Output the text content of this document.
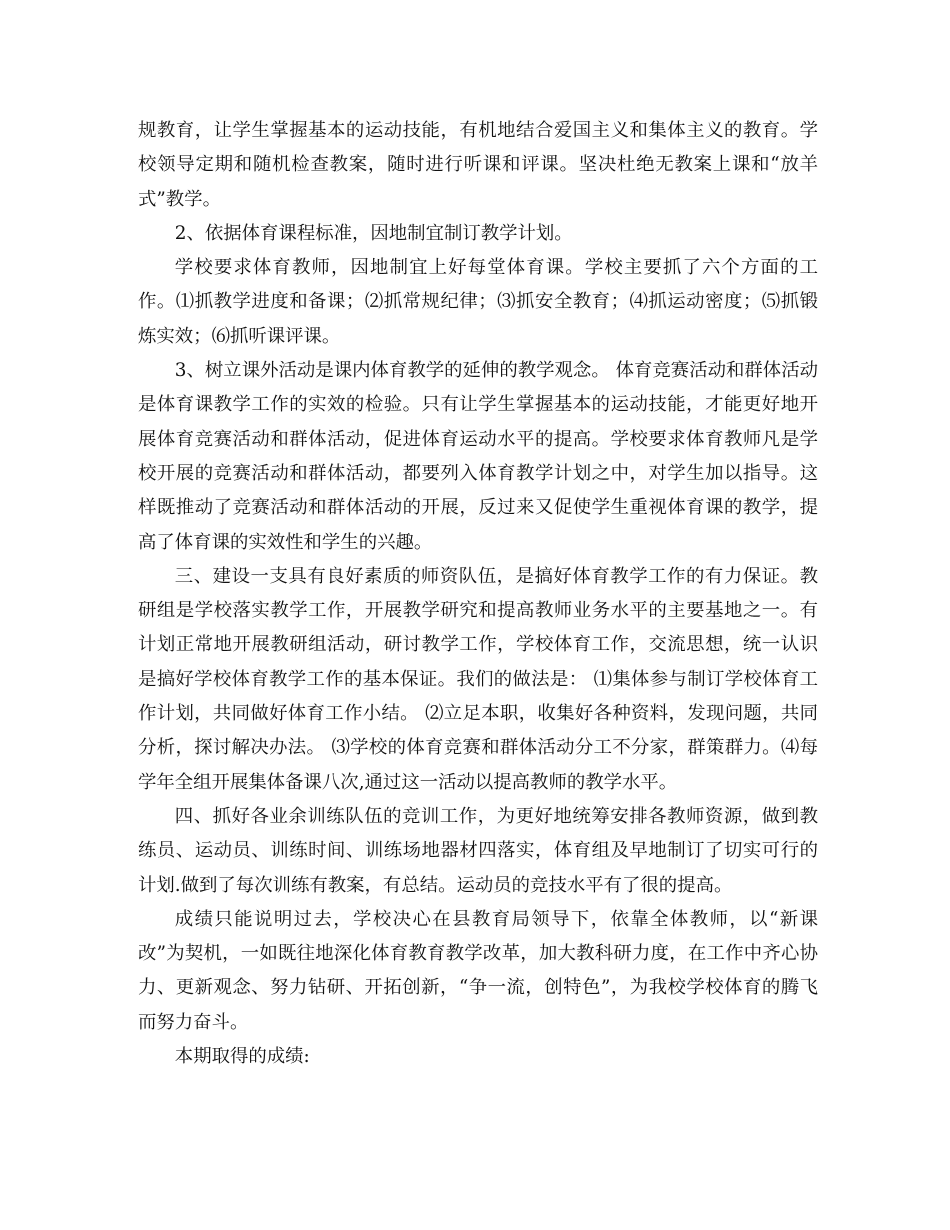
规教育，让学生掌握基本的运动技能，有机地结合爱国主义和集体主义的教育。学校领导定期和随机检查教案，随时进行听课和评课。坚决杜绝无教案上课和“放羊式”教学。

2、依据体育课程标准，因地制宜制订教学计划。

学校要求体育教师，因地制宜上好每堂体育课。学校主要抓了六个方面的工作。⑴抓教学进度和备课；⑵抓常规纪律；⑶抓安全教育；⑷抓运动密度；⑸抓锻炼实效；⑹抓听课评课。

3、树立课外活动是课内体育教学的延伸的教学观念。 体育竞赛活动和群体活动是体育课教学工作的实效的检验。只有让学生掌握基本的运动技能，才能更好地开展体育竞赛活动和群体活动，促进体育运动水平的提高。学校要求体育教师凡是学校开展的竞赛活动和群体活动，都要列入体育教学计划之中，对学生加以指导。这样既推动了竞赛活动和群体活动的开展，反过来又促使学生重视体育课的教学，提高了体育课的实效性和学生的兴趣。

三、建设一支具有良好素质的师资队伍，是搞好体育教学工作的有力保证。教研组是学校落实教学工作，开展教学研究和提高教师业务水平的主要基地之一。有计划正常地开展教研组活动，研讨教学工作，学校体育工作，交流思想，统一认识是搞好学校体育教学工作的基本保证。我们的做法是： ⑴集体参与制订学校体育工作计划，共同做好体育工作小结。 ⑵立足本职，收集好各种资料，发现问题，共同分析，探讨解决办法。 ⑶学校的体育竞赛和群体活动分工不分家，群策群力。⑷每学年全组开展集体备课八次,通过这一活动以提高教师的教学水平。

四、抓好各业余训练队伍的竞训工作，为更好地统筹安排各教师资源，做到教练员、运动员、训练时间、训练场地器材四落实，体育组及早地制订了切实可行的计划.做到了每次训练有教案，有总结。运动员的竞技水平有了很的提高。

成绩只能说明过去，学校决心在县教育局领导下，依靠全体教师，以“新课改”为契机，一如既往地深化体育教育教学改革，加大教科研力度，在工作中齐心协力、更新观念、努力钻研、开拓创新，“争一流，创特色”，为我校学校体育的腾飞而努力奋斗。

本期取得的成绩:
